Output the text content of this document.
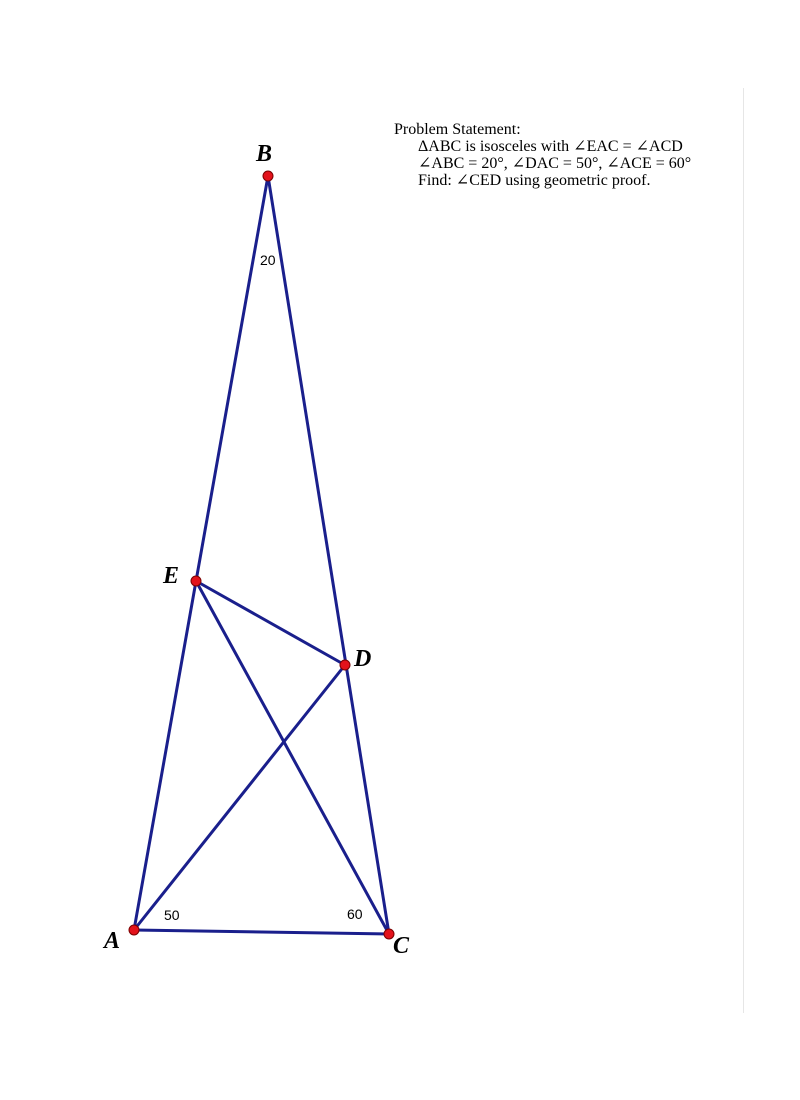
Problem Statement:
ΔABC is isosceles with ∠EAC = ∠ACD
∠ABC = 20°, ∠DAC = 50°, ∠ACE = 60°
Find: ∠CED using geometric proof.
A
B
C
D
E
20
50	60
